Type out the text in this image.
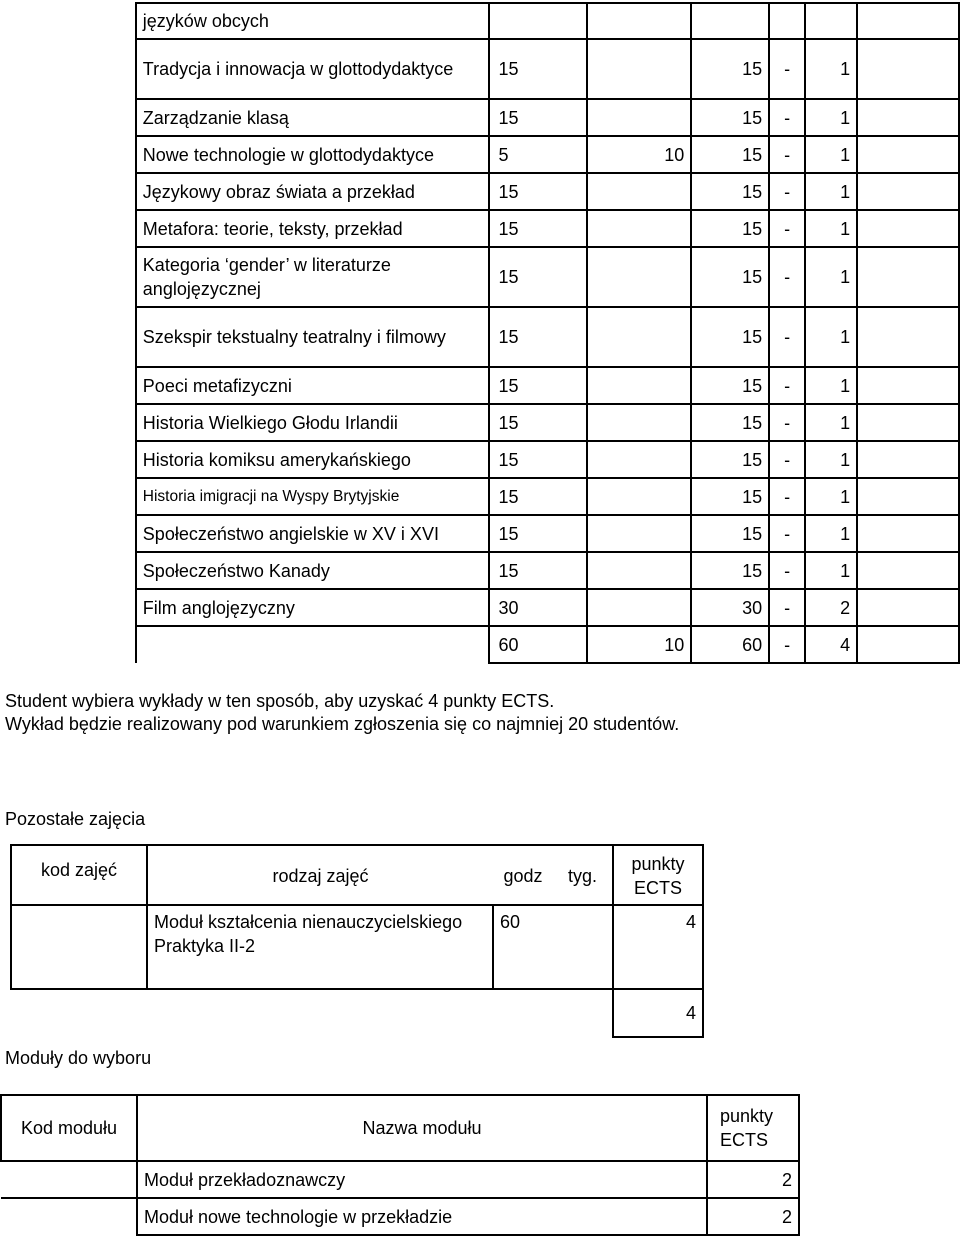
	języków obcych						
	Tradycja i innowacja w glottodydaktyce	15		15	-	1	
	Zarządzanie klasą	15		15	-	1	
	Nowe technologie w glottodydaktyce	5	10	15	-	1	
	Językowy obraz świata a przekład	15		15	-	1	
	Metafora: teorie, teksty, przekład	15		15	-	1	
	Kategoria ‘gender’ w literaturze anglojęzycznej	15		15	-	1	
	Szekspir tekstualny teatralny i filmowy	15		15	-	1	
	Poeci metafizyczni	15		15	-	1	
	Historia Wielkiego Głodu Irlandii	15		15	-	1	
	Historia komiksu amerykańskiego	15		15	-	1	
	Historia imigracji na Wyspy Brytyjskie	15		15	-	1	
	Społeczeństwo angielskie w XV i XVI	15		15	-	1	
	Społeczeństwo Kanady	15		15	-	1	
	Film anglojęzyczny	30		30	-	2	
		60	10	60	-	4	
Student wybiera wykłady w ten sposób, aby uzyskać 4 punkty ECTS.
Wykład będzie realizowany pod warunkiem zgłoszenia się co najmniej 20 studentów.
Pozostałe zajęcia
kod zajęć	rodzaj zajęć	godz	tyg.	punkty ECTS
	Moduł kształcenia nienauczycielskiego Praktyka II-2	60		4
				4
Moduły do wyboru
Kod modułu	Nazwa modułu	punkty ECTS
	Moduł przekładoznawczy	2
	Moduł nowe technologie w przekładzie	2
